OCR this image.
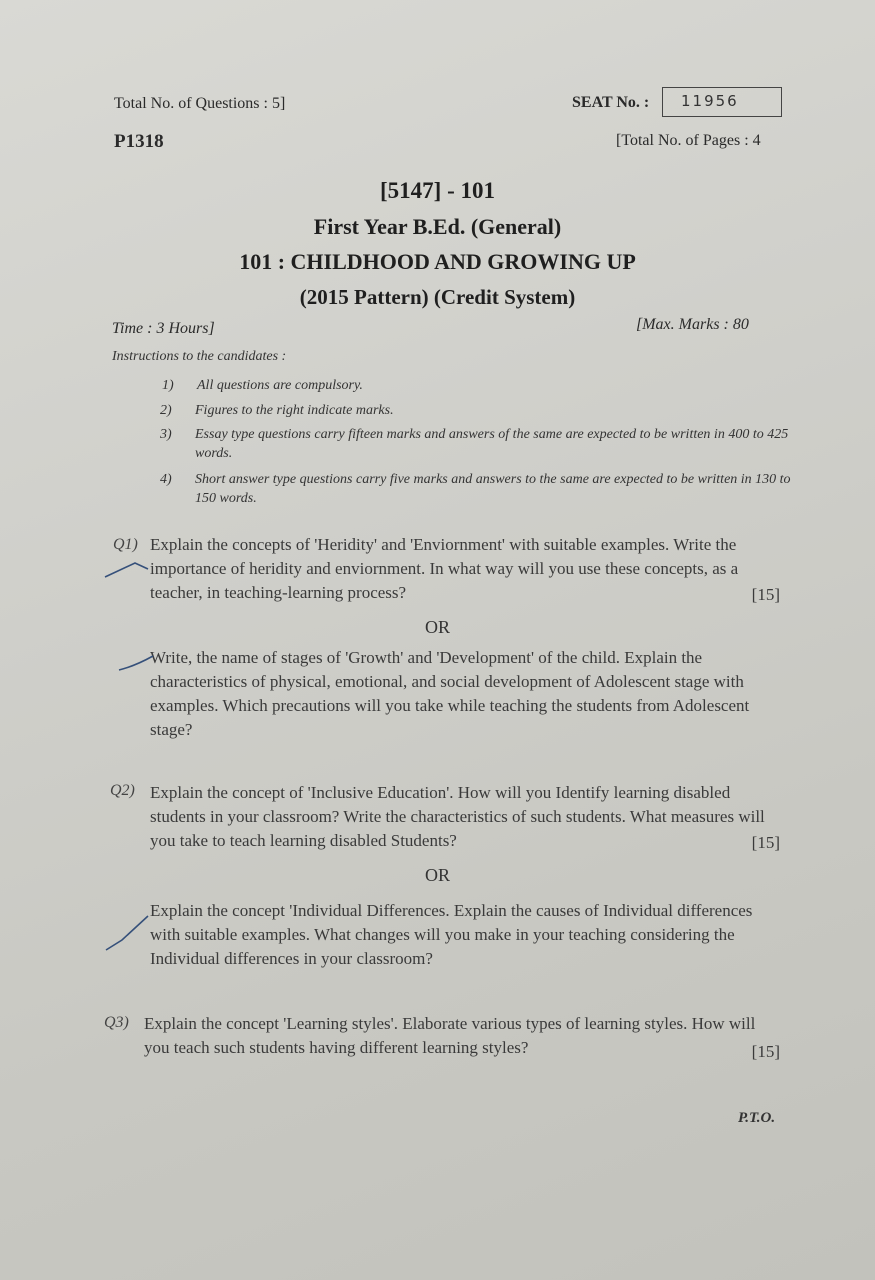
Total No. of Questions : 5]	SEAT No. :	11956
P1318	[Total No. of Pages : 4
[5147] - 101
First Year B.Ed. (General)
101 : CHILDHOOD AND GROWING UP
(2015 Pattern) (Credit System)
Time : 3 Hours]	[Max. Marks : 80
Instructions to the candidates :
1) All questions are compulsory.
2) Figures to the right indicate marks.
3) Essay type questions carry fifteen marks and answers of the same are expected to be written in 400 to 425 words.
4) Short answer type questions carry five marks and answers to the same are expected to be written in 130 to 150 words.
Q1) Explain the concepts of 'Heridity' and 'Enviornment' with suitable examples. Write the importance of heridity and enviornment. In what way will you use these concepts, as a teacher, in teaching-learning process?	[15]
OR
Write, the name of stages of 'Growth' and 'Development' of the child. Explain the characteristics of physical, emotional, and social development of Adolescent stage with examples. Which precautions will you take while teaching the students from Adolescent stage?
Q2) Explain the concept of 'Inclusive Education'. How will you Identify learning disabled students in your classroom? Write the characteristics of such students. What measures will you take to teach learning disabled Students?	[15]
OR
Explain the concept 'Individual Differences. Explain the causes of Individual differences with suitable examples. What changes will you make in your teaching considering the Individual differences in your classroom?
Q3) Explain the concept 'Learning styles'. Elaborate various types of learning styles. How will you teach such students having different learning styles?	[15]
P.T.O.
